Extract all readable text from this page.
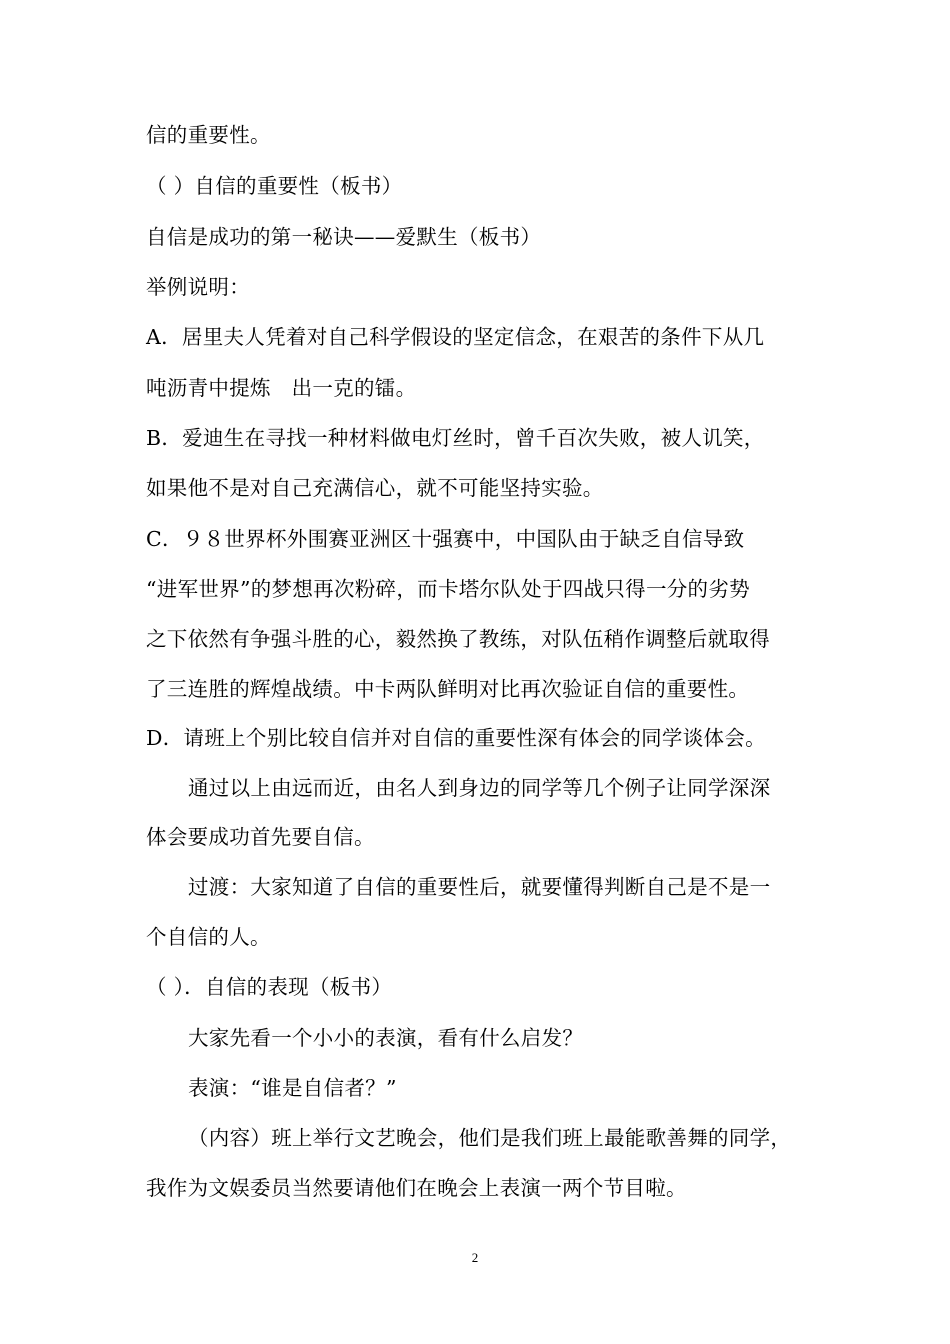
信的重要性。
（ ）自信的重要性（板书）
自信是成功的第一秘诀——爱默生（板书）
举例说明：
A．居里夫人凭着对自己科学假设的坚定信念，在艰苦的条件下从几
吨沥青中提炼　出一克的镭。
B．爱迪生在寻找一种材料做电灯丝时，曾千百次失败，被人讥笑，
如果他不是对自己充满信心，就不可能坚持实验。
C．９８世界杯外围赛亚洲区十强赛中，中国队由于缺乏自信导致
“进军世界”的梦想再次粉碎，而卡塔尔队处于四战只得一分的劣势
之下依然有争强斗胜的心，毅然换了教练，对队伍稍作调整后就取得
了三连胜的辉煌战绩。中卡两队鲜明对比再次验证自信的重要性。
D．请班上个别比较自信并对自信的重要性深有体会的同学谈体会。
通过以上由远而近，由名人到身边的同学等几个例子让同学深深
体会要成功首先要自信。
过渡：大家知道了自信的重要性后，就要懂得判断自己是不是一
个自信的人。
（ ）．自信的表现（板书）
大家先看一个小小的表演，看有什么启发？
表演：“谁是自信者？”
（内容）班上举行文艺晚会，他们是我们班上最能歌善舞的同学，
我作为文娱委员当然要请他们在晚会上表演一两个节目啦。
2
